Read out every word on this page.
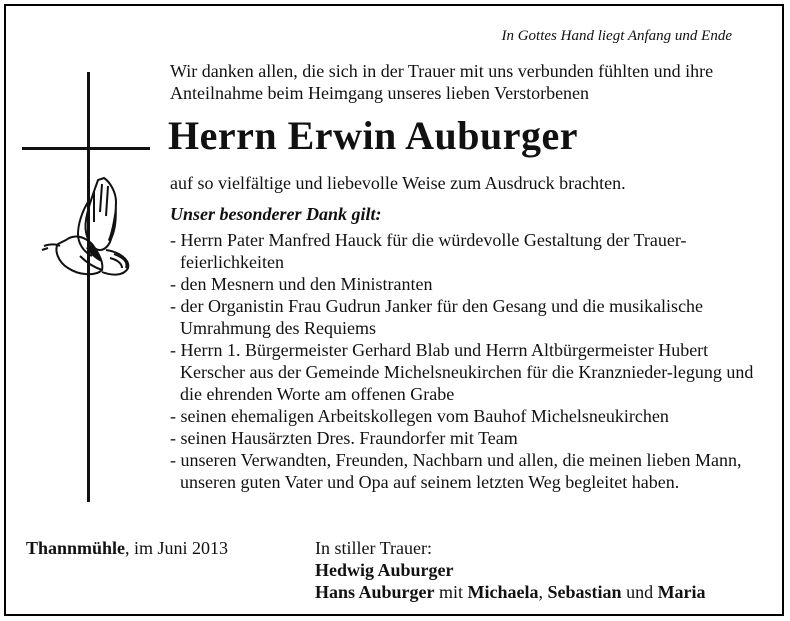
In Gottes Hand liegt Anfang und Ende
Wir danken allen, die sich in der Trauer mit uns verbunden fühlten und ihre Anteilnahme beim Heimgang unseres lieben Verstorbenen
Herrn Erwin Auburger
auf so vielfältige und liebevolle Weise zum Ausdruck brachten.
Unser besonderer Dank gilt:
- Herrn Pater Manfred Hauck für die würdevolle Gestaltung der Trauer-feierlichkeiten
- den Mesnern und den Ministranten
- der Organistin Frau Gudrun Janker für den Gesang und die musikalische Umrahmung des Requiems
- Herrn 1. Bürgermeister Gerhard Blab und Herrn Altbürgermeister Hubert Kerscher aus der Gemeinde Michelsneukirchen für die Kranznieder-legung und die ehrenden Worte am offenen Grabe
- seinen ehemaligen Arbeitskollegen vom Bauhof Michelsneukirchen
- seinen Hausärzten Dres. Fraundorfer mit Team
- unseren Verwandten, Freunden, Nachbarn und allen, die meinen lieben Mann, unseren guten Vater und Opa auf seinem letzten Weg begleitet haben.
Thannmühle, im Juni 2013	In stiller Trauer:
Hedwig Auburger
Hans Auburger mit Michaela, Sebastian und Maria
